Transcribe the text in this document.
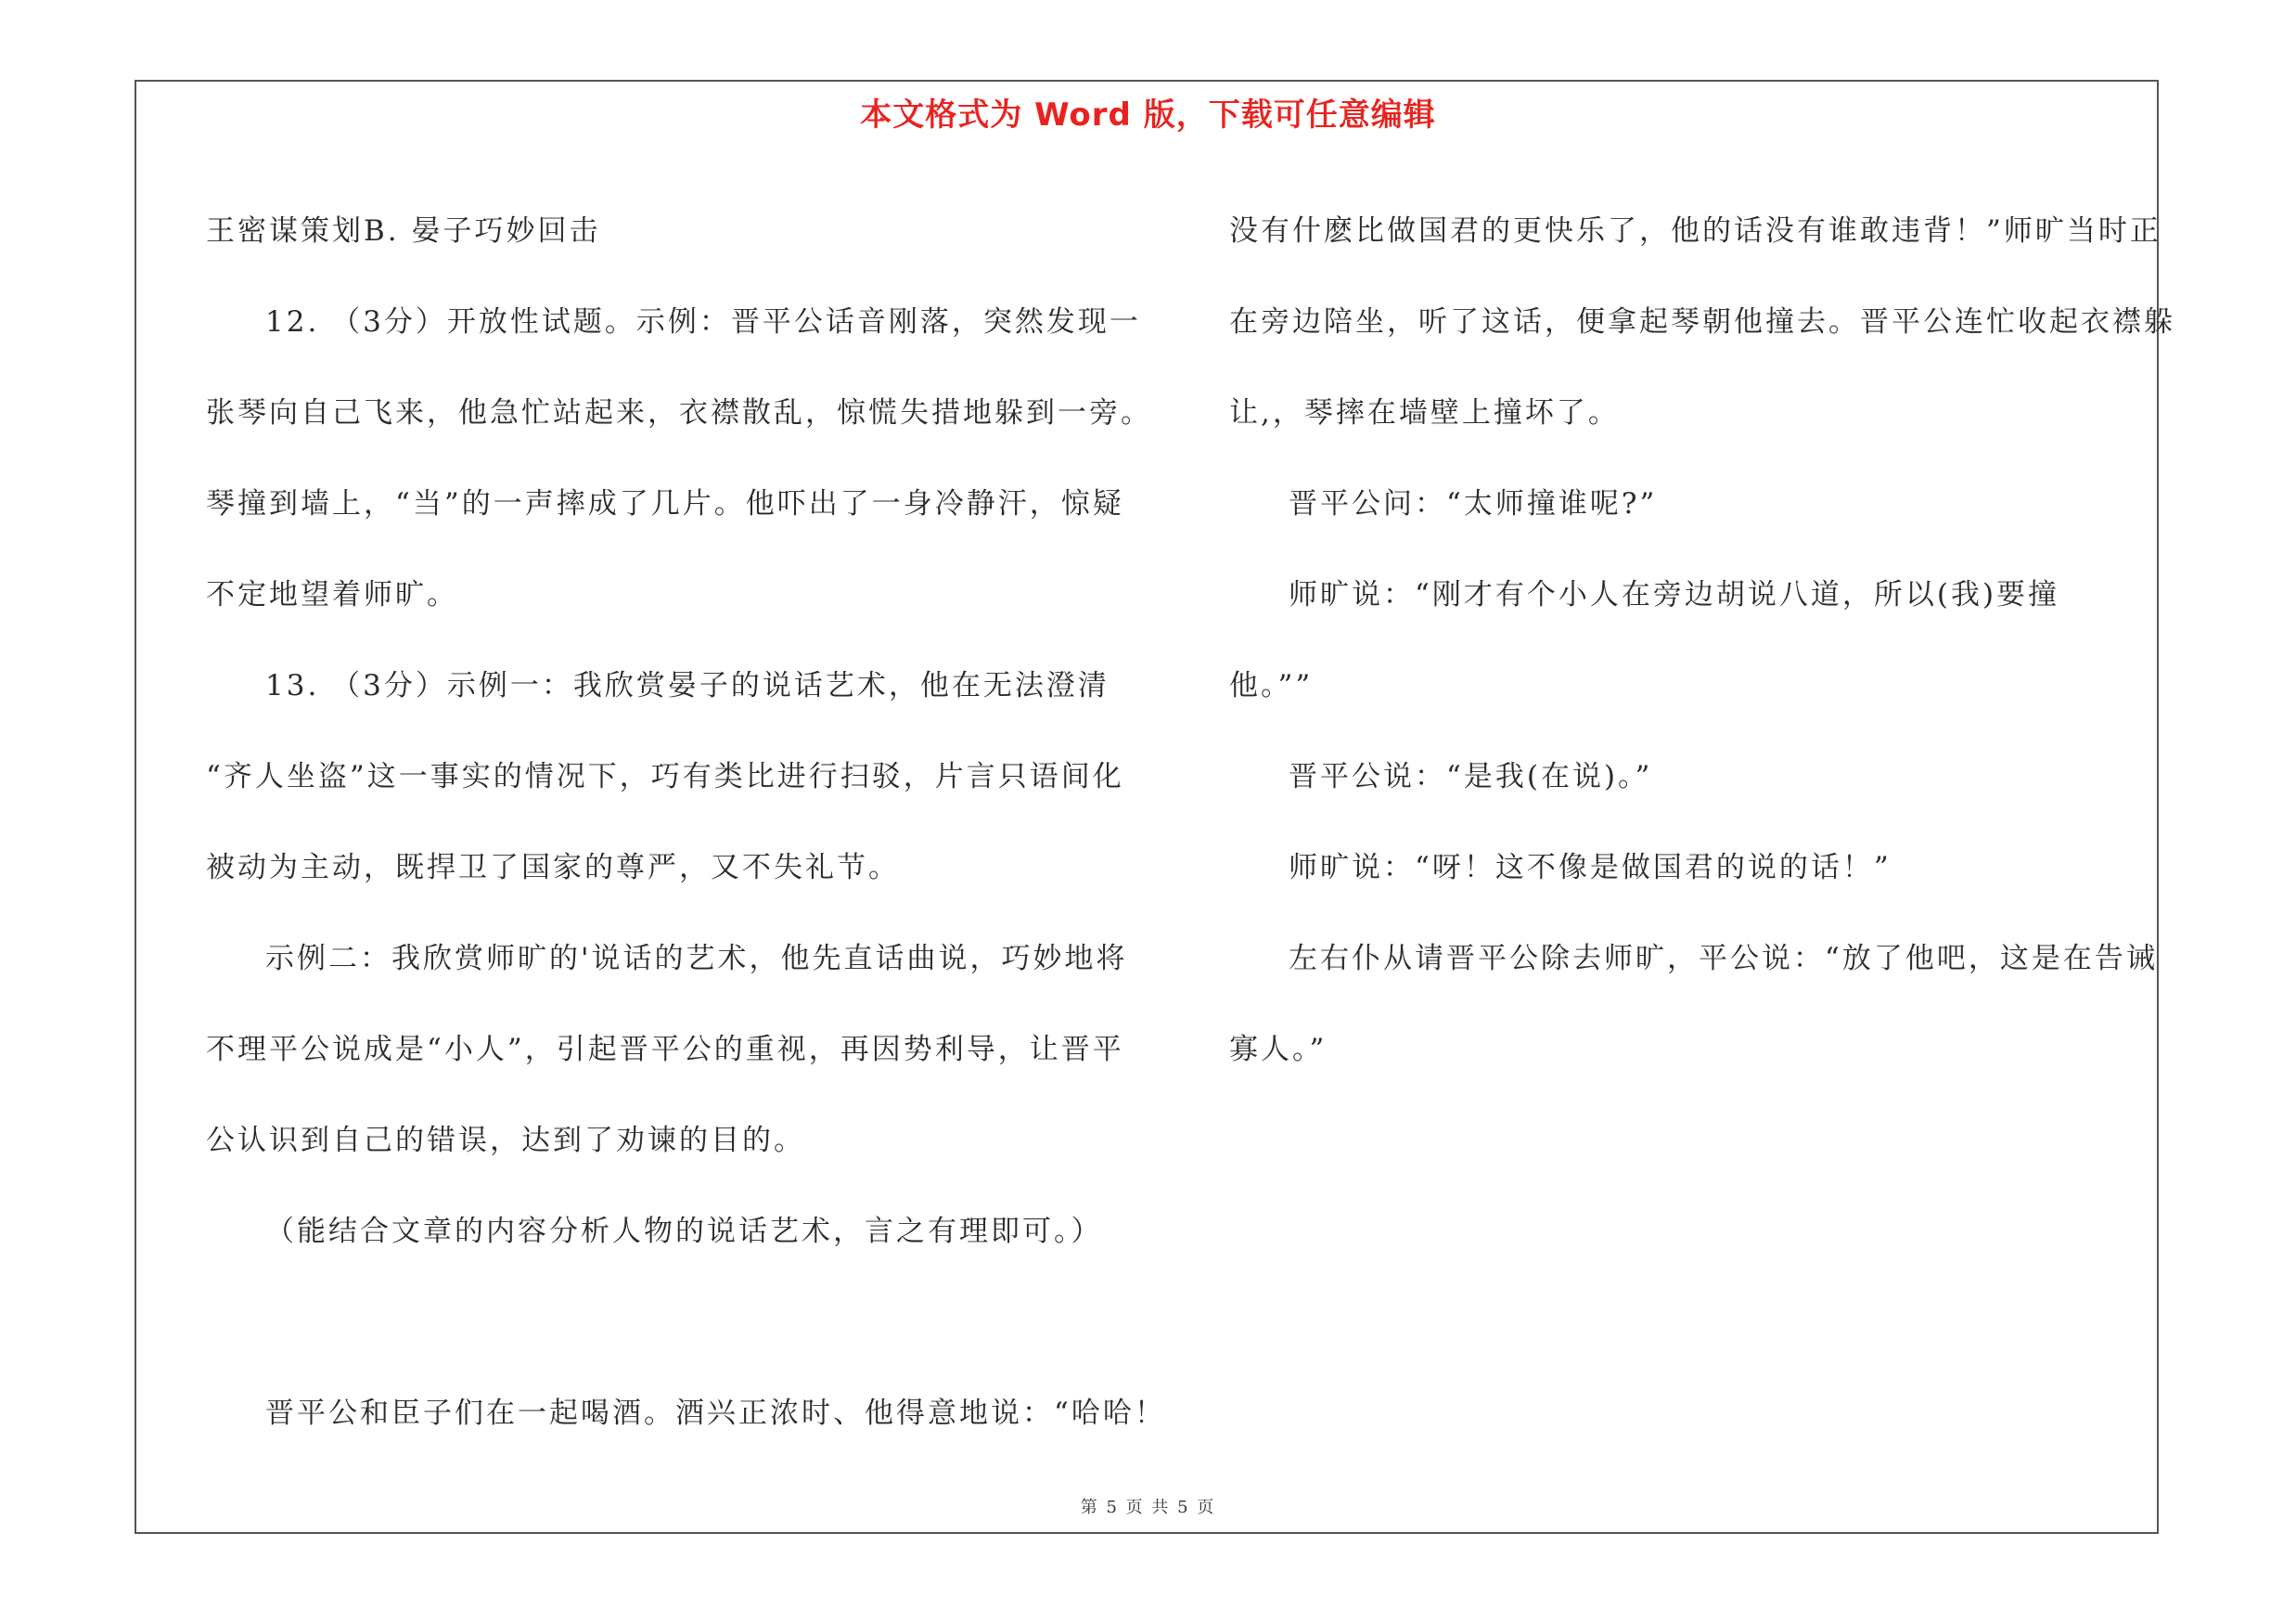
本文格式为 Word 版，下载可任意编辑
王密谋策划B. 晏子巧妙回击
12. （3分）开放性试题。示例：晋平公话音刚落，突然发现一
张琴向自己飞来，他急忙站起来，衣襟散乱，惊慌失措地躲到一旁。
琴撞到墙上，“当”的一声摔成了几片。他吓出了一身冷静汗，惊疑
不定地望着师旷。
13. （3分）示例一：我欣赏晏子的说话艺术，他在无法澄清
“齐人坐盗”这一事实的情况下，巧有类比进行扫驳，片言只语间化
被动为主动，既捍卫了国家的尊严，又不失礼节。
示例二：我欣赏师旷的'说话的艺术，他先直话曲说，巧妙地将
不理平公说成是“小人”，引起晋平公的重视，再因势利导，让晋平
公认识到自己的错误，达到了劝谏的目的。
（能结合文章的内容分析人物的说话艺术，言之有理即可。）
晋平公和臣子们在一起喝酒。酒兴正浓时、他得意地说：“哈哈！
没有什麽比做国君的更快乐了，他的话没有谁敢违背！”师旷当时正
在旁边陪坐，听了这话，便拿起琴朝他撞去。晋平公连忙收起衣襟躲
让,，琴摔在墙壁上撞坏了。
晋平公问：“太师撞谁呢?”
师旷说：“刚才有个小人在旁边胡说八道，所以(我)要撞
他。””
晋平公说：“是我(在说)。”
师旷说：“呀！这不像是做国君的说的话！”
左右仆从请晋平公除去师旷，平公说：“放了他吧，这是在告诫
寡人。”
第 5 页 共 5 页
